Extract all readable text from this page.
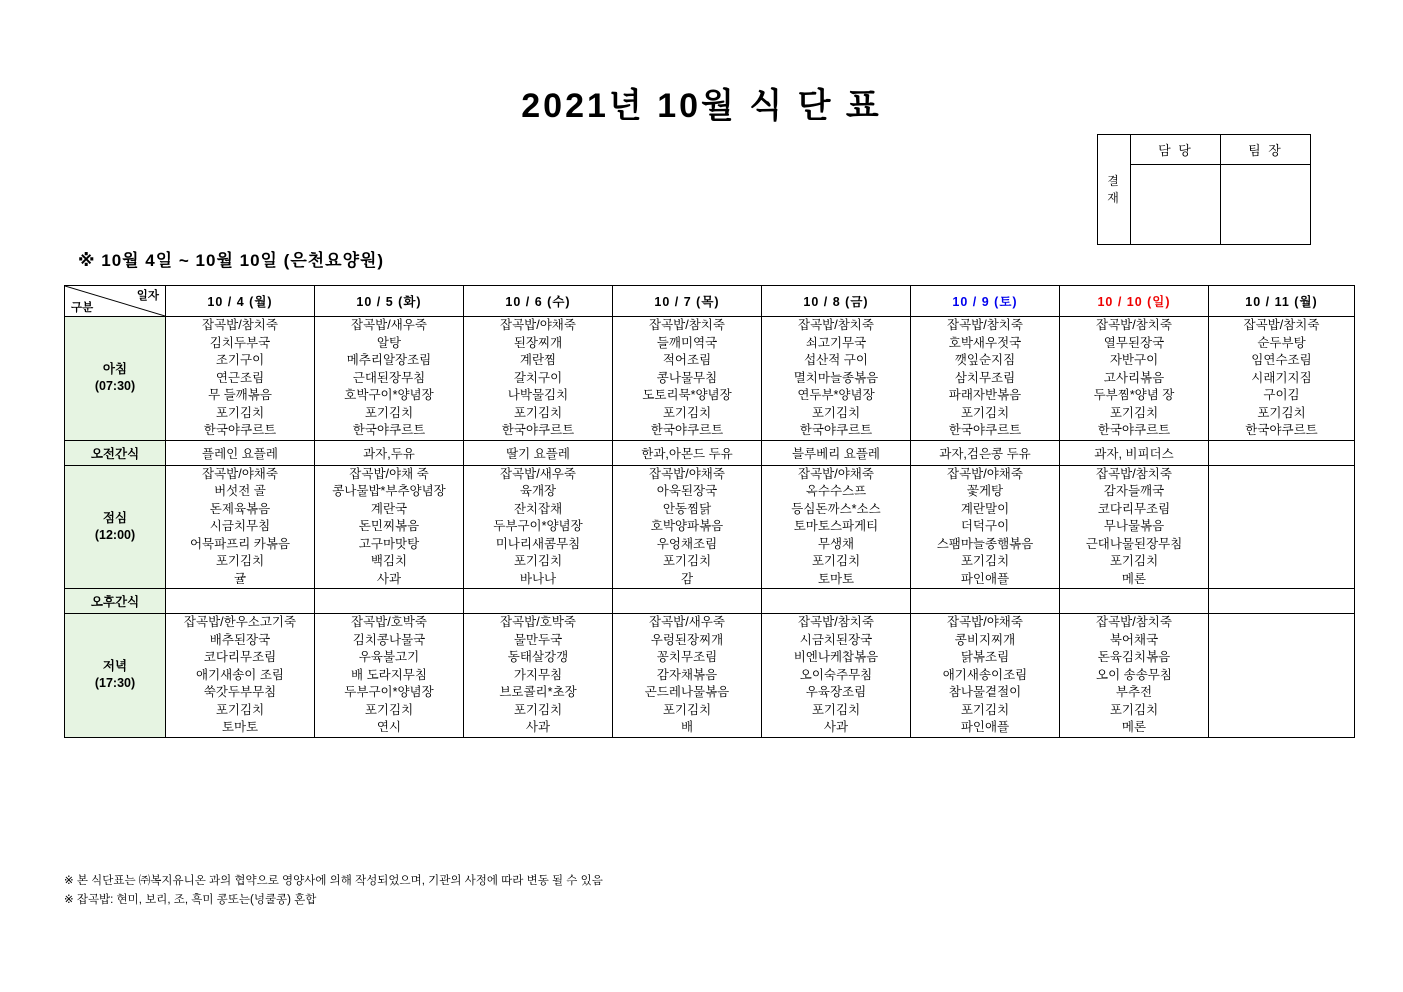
2021년 10월 식 단 표
결
재	담 당	팀 장

※ 10월 4일 ~ 10월 10일 (은천요양원)
일자
구분	10 / 4 (월)	10 / 5 (화)	10 / 6 (수)	10 / 7 (목)	10 / 8 (금)	10 / 9 (토)	10 / 10 (일)	10 / 11 (월)
아침
(07:30)	잡곡밥/참치죽
김치두부국
조기구이
연근조림
무 들깨볶음
포기김치
한국야쿠르트	잡곡밥/새우죽
알탕
메추리알장조림
근대된장무침
호박구이*양념장
포기김치
한국야쿠르트	잡곡밥/야채죽
된장찌개
계란찜
갈치구이
나박물김치
포기김치
한국야쿠르트	잡곡밥/참치죽
들깨미역국
적어조림
콩나물무침
도토리묵*양념장
포기김치
한국야쿠르트	잡곡밥/참치죽
쇠고기무국
섭산적 구이
멸치마늘종볶음
연두부*양념장
포기김치
한국야쿠르트	잡곡밥/참치죽
호박새우젓국
깻잎순지짐
삼치무조림
파래자반볶음
포기김치
한국야쿠르트	잡곡밥/참치죽
열무된장국
자반구이
고사리볶음
두부찜*양념 장
포기김치
한국야쿠르트	잡곡밥/참치죽
순두부탕
임연수조림
시래기지짐
구이김
포기김치
한국야쿠르트
오전간식	플레인 요플레	과자,두유	딸기 요플레	한과,아몬드 두유	블루베리 요플레	과자,검은콩 두유	과자, 비피더스	
점심
(12:00)	잡곡밥/야채죽
버섯전 골
돈제육볶음
시금치무침
어묵파프리 카볶음
포기김치
귤	잡곡밥/야채 죽
콩나물밥*부추양념장
계란국
돈민찌볶음
고구마맛탕
백김치
사과	잡곡밥/새우죽
육개장
잔치잡채
두부구이*양념장
미나리새콤무침
포기김치
바나나	잡곡밥/야채죽
아욱된장국
안동찜닭
호박양파볶음
우엉채조림
포기김치
감	잡곡밥/야채죽
옥수수스프
등심돈까스*소스
토마토스파게티
무생채
포기김치
토마토	잡곡밥/야채죽
꽃게탕
계란말이
더덕구이
스팸마늘종햄볶음
포기김치
파인애플	잡곡밥/참치죽
감자들깨국
코다리무조림
무나물볶음
근대나물된장무침
포기김치
메론	
오후간식								
저녁
(17:30)	잡곡밥/한우소고기죽
배추된장국
코다리무조림
애기새송이 조림
쑥갓두부무침
포기김치
토마토	잡곡밥/호박죽
김치콩나물국
우육불고기
배 도라지무침
두부구이*양념장
포기김치
연시	잡곡밥/호박죽
물만두국
동태살강갱
가지무침
브로콜리*초장
포기김치
사과	잡곡밥/새우죽
우렁된장찌개
꽁치무조림
감자채볶음
곤드레나물볶음
포기김치
배	잡곡밥/참치죽
시금치된장국
비엔나케찹볶음
오이숙주무침
우육장조림
포기김치
사과	잡곡밥/야채죽
콩비지찌개
닭볶조림
애기새송이조림
참나물곁절이
포기김치
파인애플	잡곡밥/참치죽
북어채국
돈육김치볶음
오이 송송무침
부추전
포기김치
메론	
※ 본 식단표는 ㈜복지유니온 과의 협약으로 영양사에 의해 작성되었으며, 기관의 사정에 따라 변동 될 수 있음
※ 잡곡밥: 현미, 보리, 조, 흑미 콩또는(넝쿨콩) 혼합
